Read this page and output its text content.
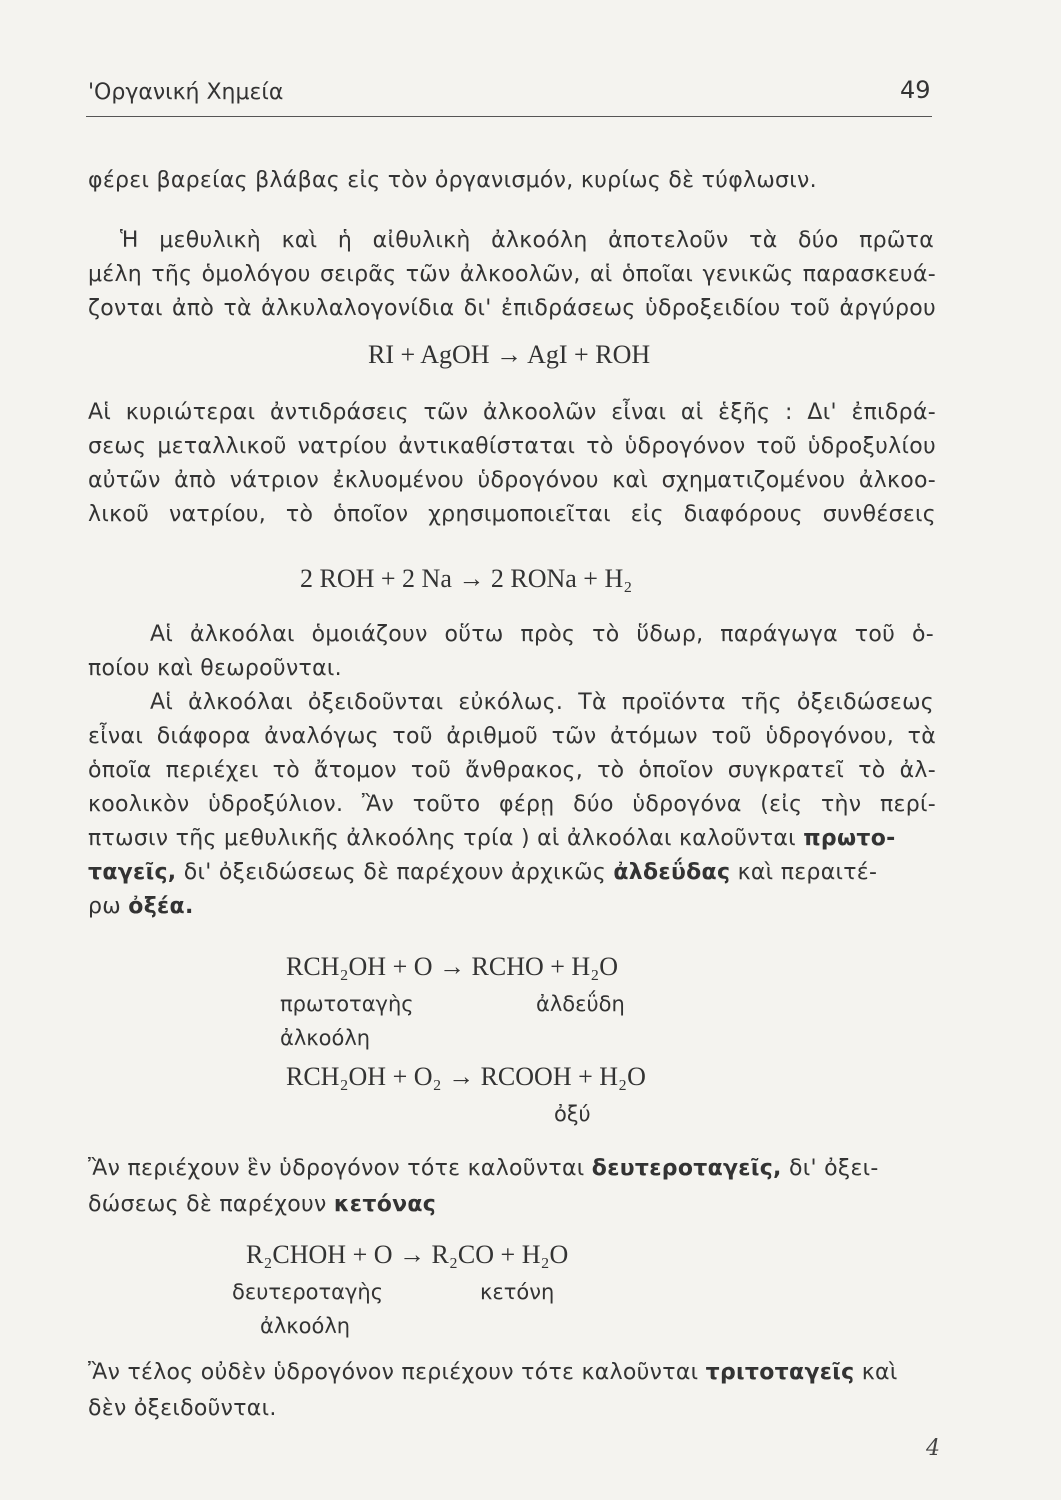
'Οργανική Χημεία	49
φέρει βαρείας βλάβας εἰς τὸν ὀργανισμόν, κυρίως δὲ τύφλωσιν.
Ἡ μεθυλικὴ καὶ ἡ αἰθυλικὴ ἀλκοόλη ἀποτελοῦν τὰ δύο πρῶτα
μέλη τῆς ὁμολόγου σειρᾶς τῶν ἀλκοολῶν, αἱ ὁποῖαι γενικῶς παρασκευά-
ζονται ἀπὸ τὰ ἀλκυλαλογονίδια δι' ἐπιδράσεως ὑδροξειδίου τοῦ ἀργύρου
RI + AgOH → AgI + ROH
Αἱ κυριώτεραι ἀντιδράσεις τῶν ἀλκοολῶν εἶναι αἱ ἑξῆς : Δι' ἐπιδρά-
σεως μεταλλικοῦ νατρίου ἀντικαθίσταται τὸ ὑδρογόνον τοῦ ὑδροξυλίου
αὐτῶν ἀπὸ νάτριον ἐκλυομένου ὑδρογόνου καὶ σχηματιζομένου ἀλκοο-
λικοῦ νατρίου, τὸ ὁποῖον χρησιμοποιεῖται εἰς διαφόρους συνθέσεις
2 ROH + 2 Na → 2 RONa + H₂
Αἱ ἀλκοόλαι ὁμοιάζουν οὕτω πρὸς τὸ ὕδωρ, παράγωγα τοῦ ὁ-
ποίου καὶ θεωροῦνται.
Αἱ ἀλκοόλαι ὀξειδοῦνται εὐκόλως. Τὰ προϊόντα τῆς ὀξειδώσεως
εἶναι διάφορα ἀναλόγως τοῦ ἀριθμοῦ τῶν ἀτόμων τοῦ ὑδρογόνου, τὰ
ὁποῖα περιέχει τὸ ἄτομον τοῦ ἄνθρακος, τὸ ὁποῖον συγκρατεῖ τὸ ἀλ-
κοολικὸν ὑδροξύλιον. Ἂν τοῦτο φέρῃ δύο ὑδρογόνα (εἰς τὴν περί-
πτωσιν τῆς μεθυλικῆς ἀλκοόλης τρία ) αἱ ἀλκοόλαι καλοῦνται πρωτο-
ταγεῖς, δι' ὀξειδώσεως δὲ παρέχουν ἀρχικῶς ἀλδεΰδας καὶ περαιτέ-
ρω ὀξέα.
RCH₂OH + O → RCHO + H₂O
πρωτοταγὴς	ἀλδεΰδη
ἀλκοόλη
RCH₂OH + O₂ → RCOOH + H₂O
ὀξύ
Ἂν περιέχουν ἓν ὑδρογόνον τότε καλοῦνται δευτεροταγεῖς, δι' ὀξει-
δώσεως δὲ παρέχουν κετόνας
R₂CHOH + O → R₂CO + H₂O
δευτεροταγὴς	κετόνη
ἀλκοόλη
Ἂν τέλος οὐδὲν ὑδρογόνον περιέχουν τότε καλοῦνται τριτοταγεῖς καὶ
δὲν ὀξειδοῦνται.
4
